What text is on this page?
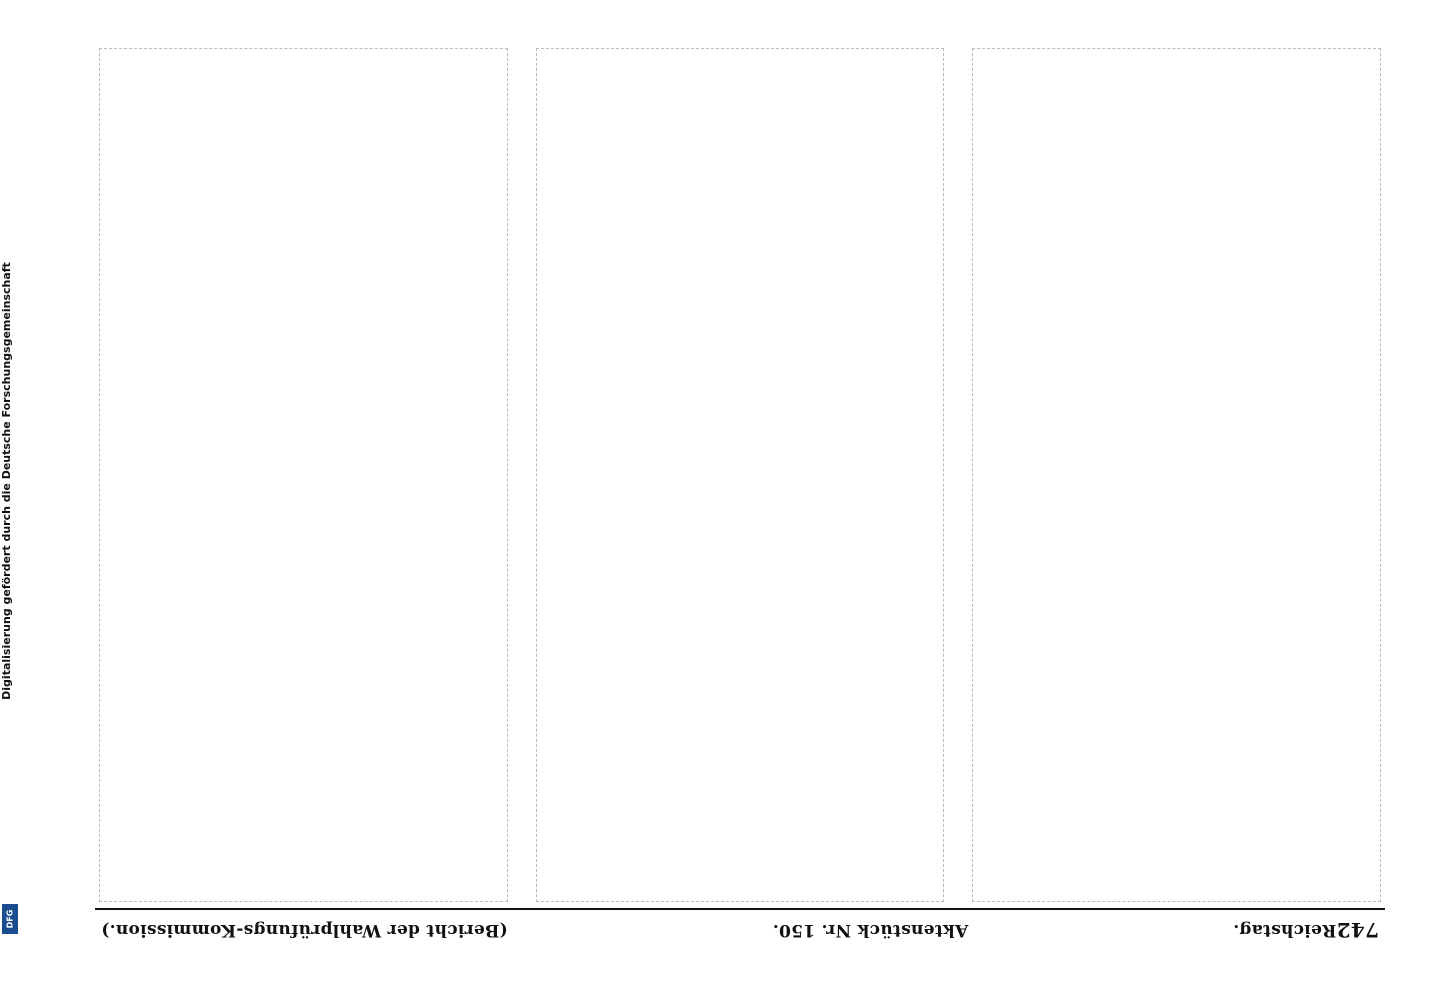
Digitalisierung gefördert durch die Deutsche Forschungsgemeinschaft
DFG	742
Reichstag.
Aktenstück Nr. 150.
(Bericht der Wahlprüfungs-Kommission.)
